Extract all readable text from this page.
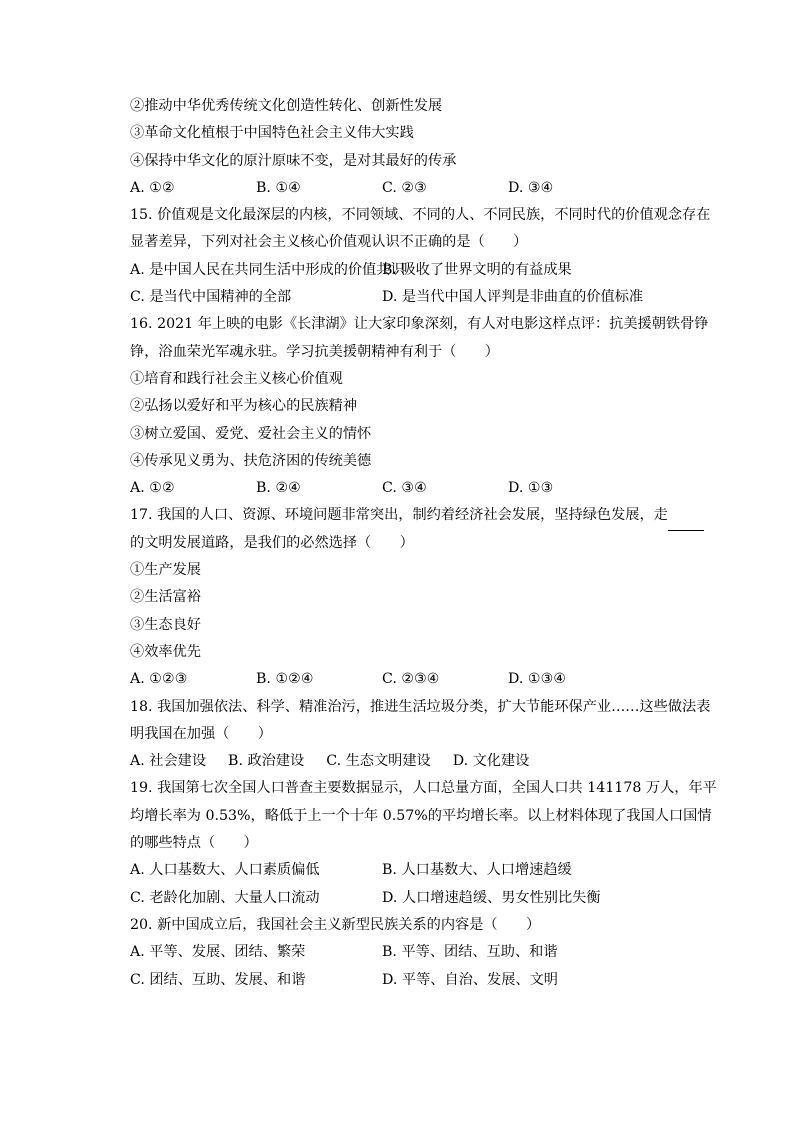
②推动中华优秀传统文化创造性转化、创新性发展
③革命文化植根于中国特色社会主义伟大实践
④保持中华文化的原汁原味不变，是对其最好的传承
A. ①②	B. ①④	C. ②③	D. ③④
15. 价值观是文化最深层的内核，不同领域、不同的人、不同民族，不同时代的价值观念存在
显著差异，下列对社会主义核心价值观认识不正确的是（　　）
A. 是中国人民在共同生活中形成的价值共识
B. 吸收了世界文明的有益成果
C. 是当代中国精神的全部	D. 是当代中国人评判是非曲直的价值标准
16. 2021 年上映的电影《长津湖》让大家印象深刻，有人对电影这样点评：抗美援朝铁骨铮
铮，浴血荣光军魂永驻。学习抗美援朝精神有利于（　　）
①培育和践行社会主义核心价值观
②弘扬以爱好和平为核心的民族精神
③树立爱国、爱党、爱社会主义的情怀
④传承见义勇为、扶危济困的传统美德
A. ①②	B. ②④	C. ③④	D. ①③
17. 我国的人口、资源、环境问题非常突出，制约着经济社会发展，坚持绿色发展，走
的文明发展道路，是我们的必然选择（　　）
①生产发展
②生活富裕
③生态良好
④效率优先
A. ①②③	B. ①②④	C. ②③④	D. ①③④
18. 我国加强依法、科学、精准治污，推进生活垃圾分类，扩大节能环保产业……这些做法表
明我国在加强（　　）
A. 社会建设 B. 政治建设 C. 生态文明建设 D. 文化建设
19. 我国第七次全国人口普查主要数据显示，人口总量方面，全国人口共 141178 万人，年平
均增长率为 0.53%，略低于上一个十年 0.57%的平均增长率。以上材料体现了我国人口国情
的哪些特点（　　）
A. 人口基数大、人口素质偏低	B. 人口基数大、人口增速趋缓
C. 老龄化加剧、大量人口流动	D. 人口增速趋缓、男女性别比失衡
20. 新中国成立后，我国社会主义新型民族关系的内容是（　　）
A. 平等、发展、团结、繁荣	B. 平等、团结、互助、和谐
C. 团结、互助、发展、和谐	D. 平等、自治、发展、文明
